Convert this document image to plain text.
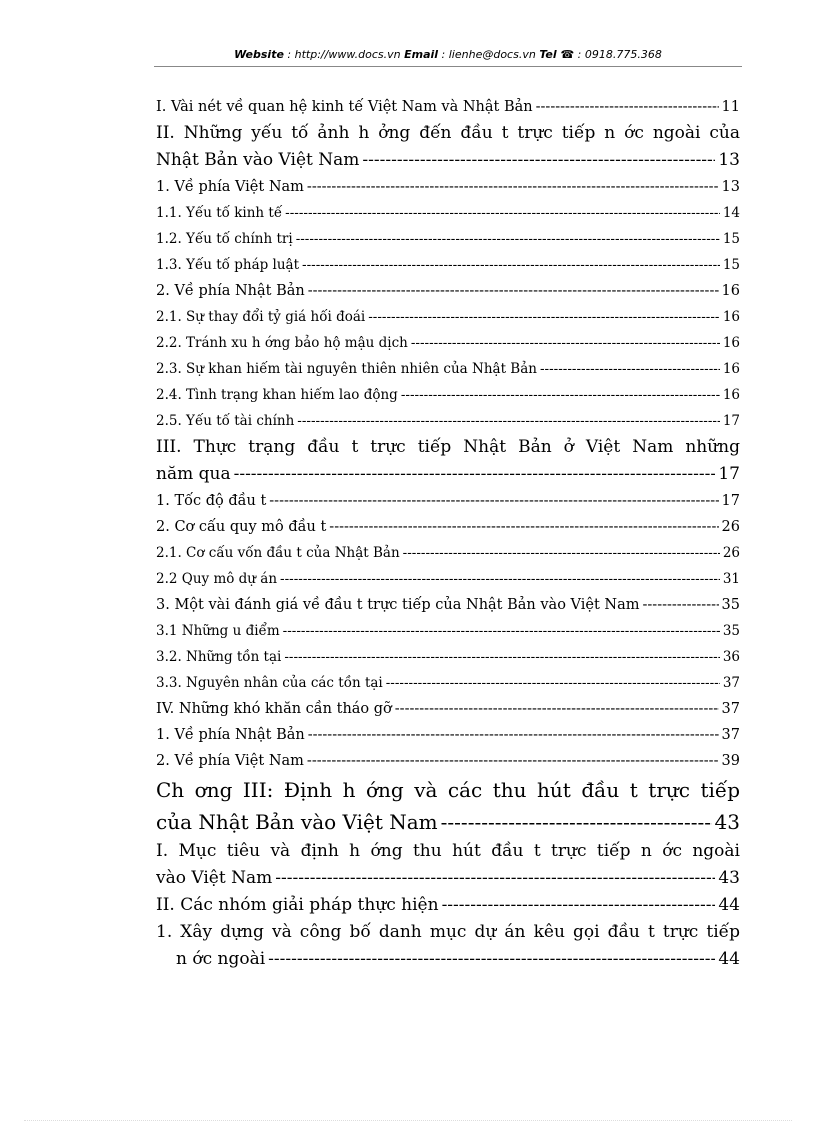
Website : http://www.docs.vn Email : lienhe@docs.vn Tel ☎ : 0918.775.368
I. Vài nét về quan hệ kinh tế Việt Nam và Nhật Bản -----	11
II. Những yếu tố ảnh h ởng đến đầu t trực tiếp n ớc ngoài của
Nhật Bản vào Việt Nam -----	13
1. Về phía Việt Nam -----	13
1.1. Yếu tố kinh tế -----	14
1.2. Yếu tố chính trị -----	15
1.3. Yếu tố pháp luật -----	15
2. Về phía Nhật Bản -----	16
2.1. Sự thay đổi tỷ giá hối đoái -----	16
2.2. Tránh xu h ớng bảo hộ mậu dịch -----	16
2.3. Sự khan hiếm tài nguyên thiên nhiên của Nhật Bản -----	16
2.4. Tình trạng khan hiếm lao động -----	16
2.5. Yếu tố tài chính -----	17
III. Thực trạng đầu t trực tiếp Nhật Bản ở Việt Nam những
năm qua -----	17
1. Tốc độ đầu t -----	17
2. Cơ cấu quy mô đầu t -----	26
2.1. Cơ cấu vốn đầu t của Nhật Bản -----	26
2.2 Quy mô dự án -----	31
3. Một vài đánh giá về đầu t trực tiếp của Nhật Bản vào Việt Nam -----	35
3.1 Những u điểm -----	35
3.2. Những tồn tại -----	36
3.3. Nguyên nhân của các tồn tại -----	37
IV. Những khó khăn cần tháo gỡ -----	37
1. Về phía Nhật Bản -----	37
2. Về phía Việt Nam -----	39
Ch ơng III: Định h ớng và các thu hút đầu t trực tiếp
của Nhật Bản vào Việt Nam -----	43
I. Mục tiêu và định h ớng thu hút đầu t trực tiếp n ớc ngoài
vào Việt Nam -----	43
II. Các nhóm giải pháp thực hiện -----	44
1. Xây dựng và công bố danh mục dự án kêu gọi đầu t trực tiếp
n ớc ngoài -----	44
